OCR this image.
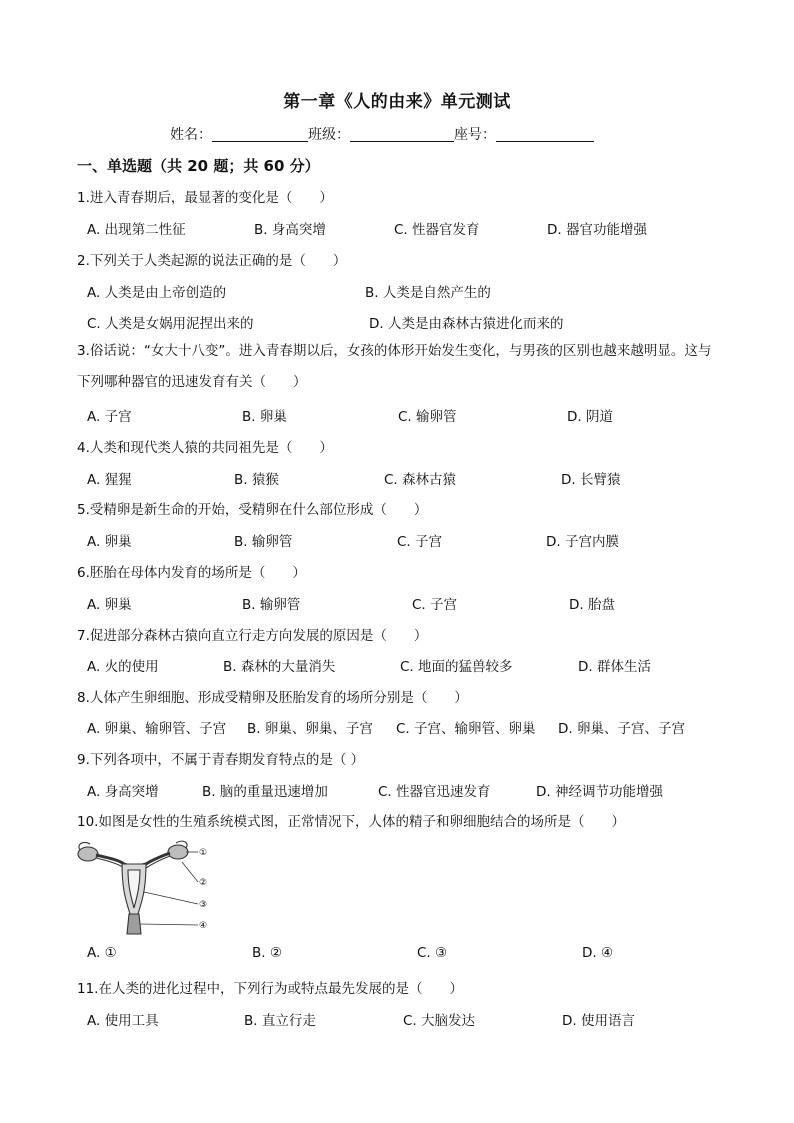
第一章《人的由来》单元测试
姓名：	班级：	座号：
一、单选题（共 20 题；共 60 分）
1.进入青春期后，最显著的变化是（　　）
A. 出现第二性征	B. 身高突增	C. 性器官发育	D. 器官功能增强
2.下列关于人类起源的说法正确的是（　　）
A. 人类是由上帝创造的	B. 人类是自然产生的
C. 人类是女娲用泥捏出来的	D. 人类是由森林古猿进化而来的
3.俗话说：“女大十八变”。进入青春期以后，女孩的体形开始发生变化，与男孩的区别也越来越明显。这与下列哪种器官的迅速发育有关（　　）
A. 子宫	B. 卵巢	C. 输卵管	D. 阴道
4.人类和现代类人猿的共同祖先是（　　）
A. 猩猩	B. 猿猴	C. 森林古猿	D. 长臂猿
5.受精卵是新生命的开始，受精卵在什么部位形成（　　）
A. 卵巢	B. 输卵管	C. 子宫	D. 子宫内膜
6.胚胎在母体内发育的场所是（　　）
A. 卵巢	B. 输卵管	C. 子宫	D. 胎盘
7.促进部分森林古猿向直立行走方向发展的原因是（　　）
A. 火的使用	B. 森林的大量消失	C. 地面的猛兽较多	D. 群体生活
8.人体产生卵细胞、形成受精卵及胚胎发育的场所分别是（　　）
A. 卵巢、输卵管、子宫 B. 卵巢、卵巢、子宫 C. 子宫、输卵管、卵巢 D. 卵巢、子宫、子宫
9.下列各项中，不属于青春期发育特点的是（ ）
A. 身高突增	B. 脑的重量迅速增加	C. 性器官迅速发育	D. 神经调节功能增强
10.如图是女性的生殖系统模式图，正常情况下，人体的精子和卵细胞结合的场所是（　　）
①
②
③
④
A. ①	B. ②	C. ③	D. ④
11.在人类的进化过程中，下列行为或特点最先发展的是（　　）
A. 使用工具	B. 直立行走	C. 大脑发达	D. 使用语言
